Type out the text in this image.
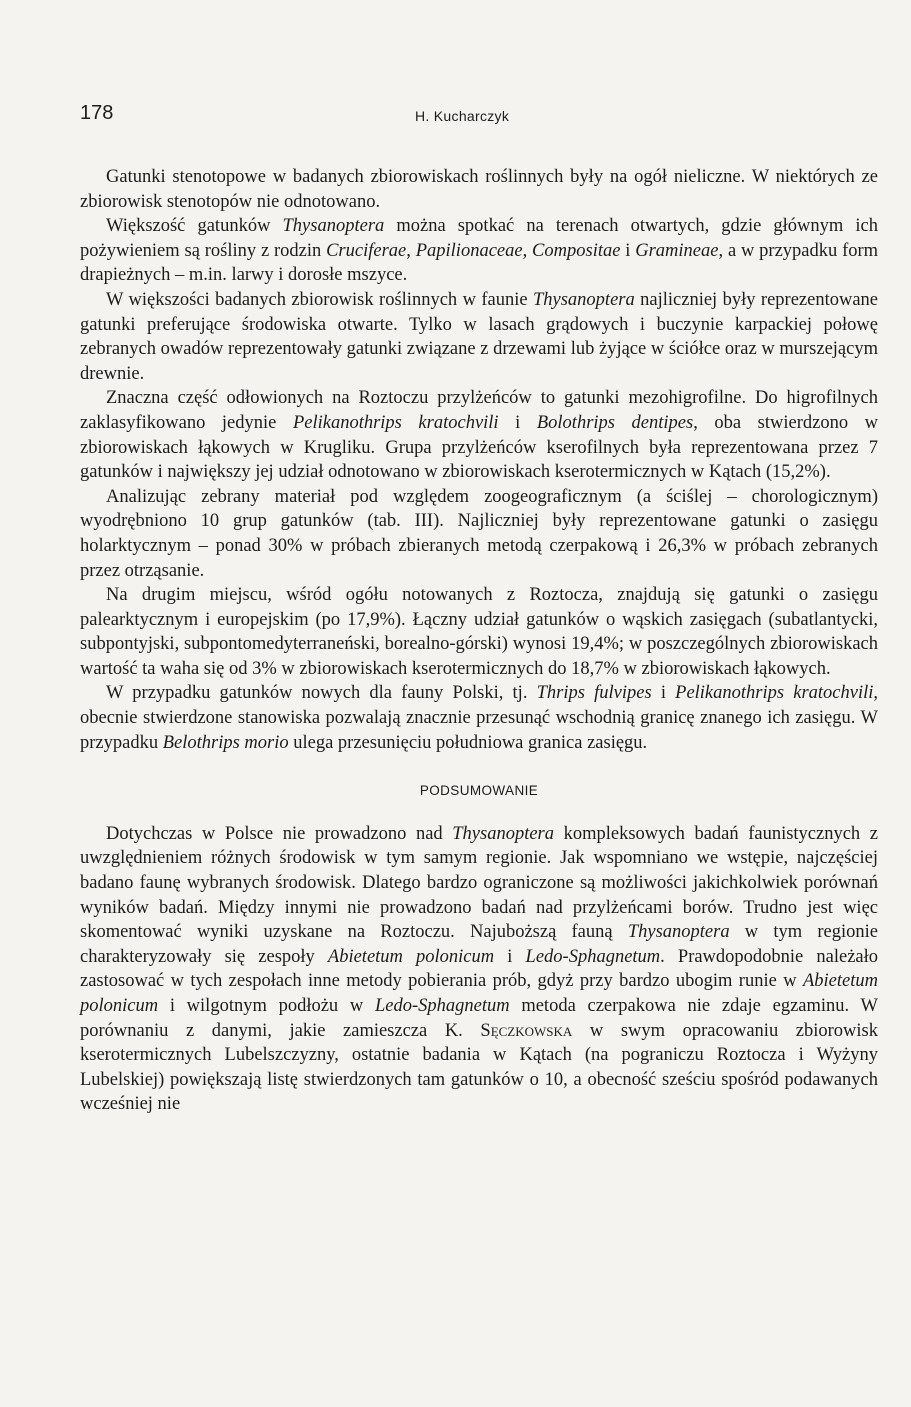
178	H. Kucharczyk

Gatunki stenotopowe w badanych zbiorowiskach roślinnych były na ogół nieliczne. W niektórych ze zbiorowisk stenotopów nie odnotowano.

Większość gatunków Thysanoptera można spotkać na terenach otwartych, gdzie głównym ich pożywieniem są rośliny z rodzin Cruciferae, Papilionaceae, Compositae i Gramineae, a w przypadku form drapieżnych – m.in. larwy i dorosłe mszyce.

W większości badanych zbiorowisk roślinnych w faunie Thysanoptera najliczniej były reprezentowane gatunki preferujące środowiska otwarte. Tylko w lasach grądowych i buczynie karpackiej połowę zebranych owadów reprezentowały gatunki związane z drzewami lub żyjące w ściółce oraz w murszejącym drewnie.

Znaczna część odłowionych na Roztoczu przylżeńców to gatunki mezohigrofilne. Do higrofilnych zaklasyfikowano jedynie Pelikanothrips kratochvili i Bolothrips dentipes, oba stwierdzono w zbiorowiskach łąkowych w Krugliku. Grupa przylżeńców kserofilnych była reprezentowana przez 7 gatunków i największy jej udział odnotowano w zbiorowiskach kserotermicznych w Kątach (15,2%).

Analizując zebrany materiał pod względem zoogeograficznym (a ściślej – chorologicznym) wyodrębniono 10 grup gatunków (tab. III). Najliczniej były reprezentowane gatunki o zasięgu holarktycznym – ponad 30% w próbach zbieranych metodą czerpakową i 26,3% w próbach zebranych przez otrząsanie.

Na drugim miejscu, wśród ogółu notowanych z Roztocza, znajdują się gatunki o zasięgu palearktycznym i europejskim (po 17,9%). Łączny udział gatunków o wąskich zasięgach (subatlantycki, subpontyjski, subpontomedyterraneński, borealno-górski) wynosi 19,4%; w poszczególnych zbiorowiskach wartość ta waha się od 3% w zbiorowiskach kserotermicznych do 18,7% w zbiorowiskach łąkowych.

W przypadku gatunków nowych dla fauny Polski, tj. Thrips fulvipes i Pelikanothrips kratochvili, obecnie stwierdzone stanowiska pozwalają znacznie przesunąć wschodnią granicę znanego ich zasięgu. W przypadku Belothrips morio ulega przesunięciu południowa granica zasięgu.

PODSUMOWANIE

Dotychczas w Polsce nie prowadzono nad Thysanoptera kompleksowych badań faunistycznych z uwzględnieniem różnych środowisk w tym samym regionie. Jak wspomniano we wstępie, najczęściej badano faunę wybranych środowisk. Dlatego bardzo ograniczone są możliwości jakichkolwiek porównań wyników badań. Między innymi nie prowadzono badań nad przylżeńcami borów. Trudno jest więc skomentować wyniki uzyskane na Roztoczu. Najuboższą fauną Thysanoptera w tym regionie charakteryzowały się zespoły Abietetum polonicum i Ledo-Sphagnetum. Prawdopodobnie należało zastosować w tych zespołach inne metody pobierania prób, gdyż przy bardzo ubogim runie w Abietetum polonicum i wilgotnym podłożu w Ledo-Sphagnetum metoda czerpakowa nie zdaje egzaminu. W porównaniu z danymi, jakie zamieszcza K. Sęczkowska w swym opracowaniu zbiorowisk kserotermicznych Lubelszczyzny, ostatnie badania w Kątach (na pograniczu Roztocza i Wyżyny Lubelskiej) powiększają listę stwierdzonych tam gatunków o 10, a obecność sześciu spośród podawanych wcześniej nie
